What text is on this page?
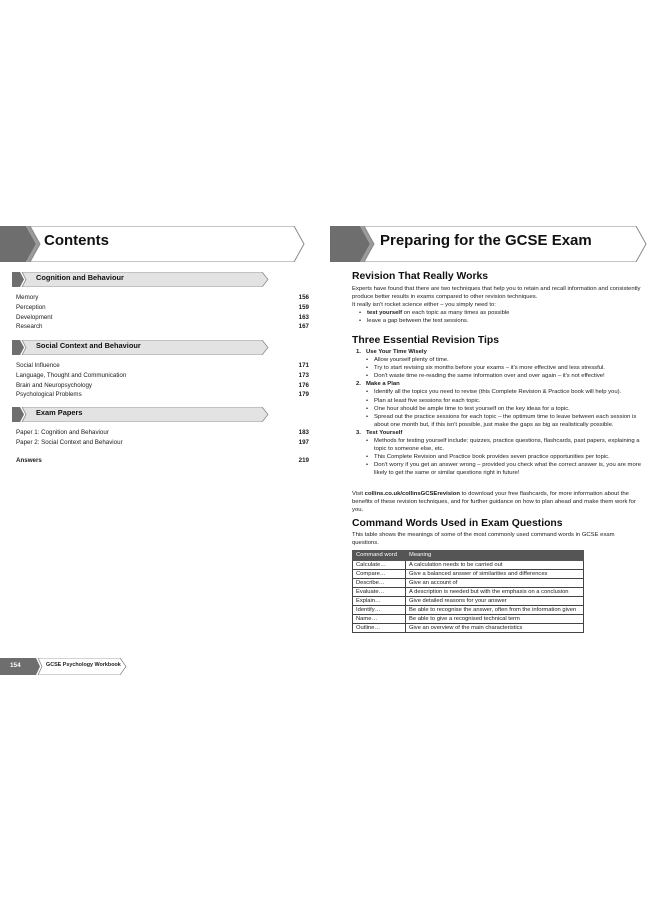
Contents
Cognition and Behaviour
Memory	156
Perception	159
Development	163
Research	167
Social Context and Behaviour
Social Influence	171
Language, Thought and Communication	173
Brain and Neuropsychology	176
Psychological Problems	179
Exam Papers
Paper 1: Cognition and Behaviour	183
Paper 2: Social Context and Behaviour	197
Answers	219
154	GCSE Psychology Workbook
Preparing for the GCSE Exam
Revision That Really Works

Experts have found that there are two techniques that help you to retain and recall information and consistently produce better results in exams compared to other revision techniques.

It really isn't rocket science either – you simply need to:

• test yourself on each topic as many times as possible
• leave a gap between the test sessions.
Three Essential Revision Tips
1. Use Your Time Wisely
• Allow yourself plenty of time.
• Try to start revising six months before your exams – it's more effective and less stressful.
• Don't waste time re-reading the same information over and over again – it's not effective!
2. Make a Plan
• Identify all the topics you need to revise (this Complete Revision & Practice book will help you).
• Plan at least five sessions for each topic.
• One hour should be ample time to test yourself on the key ideas for a topic.
• Spread out the practice sessions for each topic – the optimum time to leave between each session is about one month but, if this isn't possible, just make the gaps as big as realistically possible.
3. Test Yourself
• Methods for testing yourself include: quizzes, practice questions, flashcards, past papers, explaining a topic to someone else, etc.
• This Complete Revision and Practice book provides seven practice opportunities per topic.
• Don't worry if you get an answer wrong – provided you check what the correct answer is, you are more likely to get the same or similar questions right in future!

Visit collins.co.uk/collinsGCSErevision to download your free flashcards, for more information about the benefits of these revision techniques, and for further guidance on how to plan ahead and make them work for you.

Command Words Used in Exam Questions

This table shows the meanings of some of the most commonly used command words in GCSE exam questions.

Command word	Meaning
Calculate…	A calculation needs to be carried out
Compare…	Give a balanced answer of similarities and differences
Describe…	Give an account of
Evaluate…	A description is needed but with the emphasis on a conclusion
Explain…	Give detailed reasons for your answer
Identify…	Be able to recognise the answer, often from the information given
Name…	Be able to give a recognised technical term
Outline…	Give an overview of the main characteristics
